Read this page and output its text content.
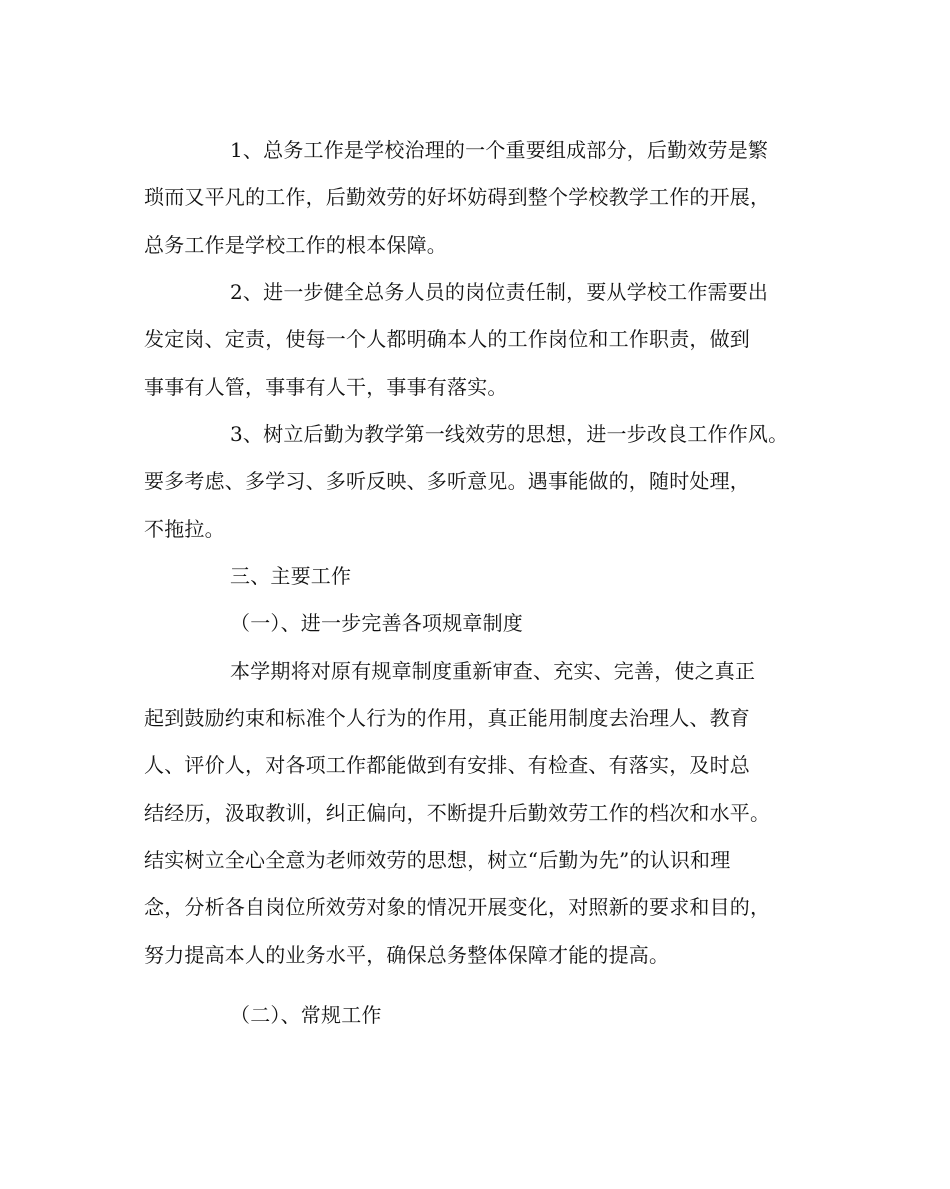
1、总务工作是学校治理的一个重要组成部分，后勤效劳是繁
琐而又平凡的工作，后勤效劳的好坏妨碍到整个学校教学工作的开展，
总务工作是学校工作的根本保障。
2、进一步健全总务人员的岗位责任制，要从学校工作需要出
发定岗、定责，使每一个人都明确本人的工作岗位和工作职责，做到
事事有人管，事事有人干，事事有落实。
3、树立后勤为教学第一线效劳的思想，进一步改良工作作风。
要多考虑、多学习、多听反映、多听意见。遇事能做的，随时处理，
不拖拉。
三、主要工作
（一）、进一步完善各项规章制度
本学期将对原有规章制度重新审查、充实、完善，使之真正
起到鼓励约束和标准个人行为的作用，真正能用制度去治理人、教育
人、评价人，对各项工作都能做到有安排、有检查、有落实，及时总
结经历，汲取教训，纠正偏向，不断提升后勤效劳工作的档次和水平。
结实树立全心全意为老师效劳的思想，树立“后勤为先”的认识和理
念，分析各自岗位所效劳对象的情况开展变化，对照新的要求和目的，
努力提高本人的业务水平，确保总务整体保障才能的提高。
（二）、常规工作
